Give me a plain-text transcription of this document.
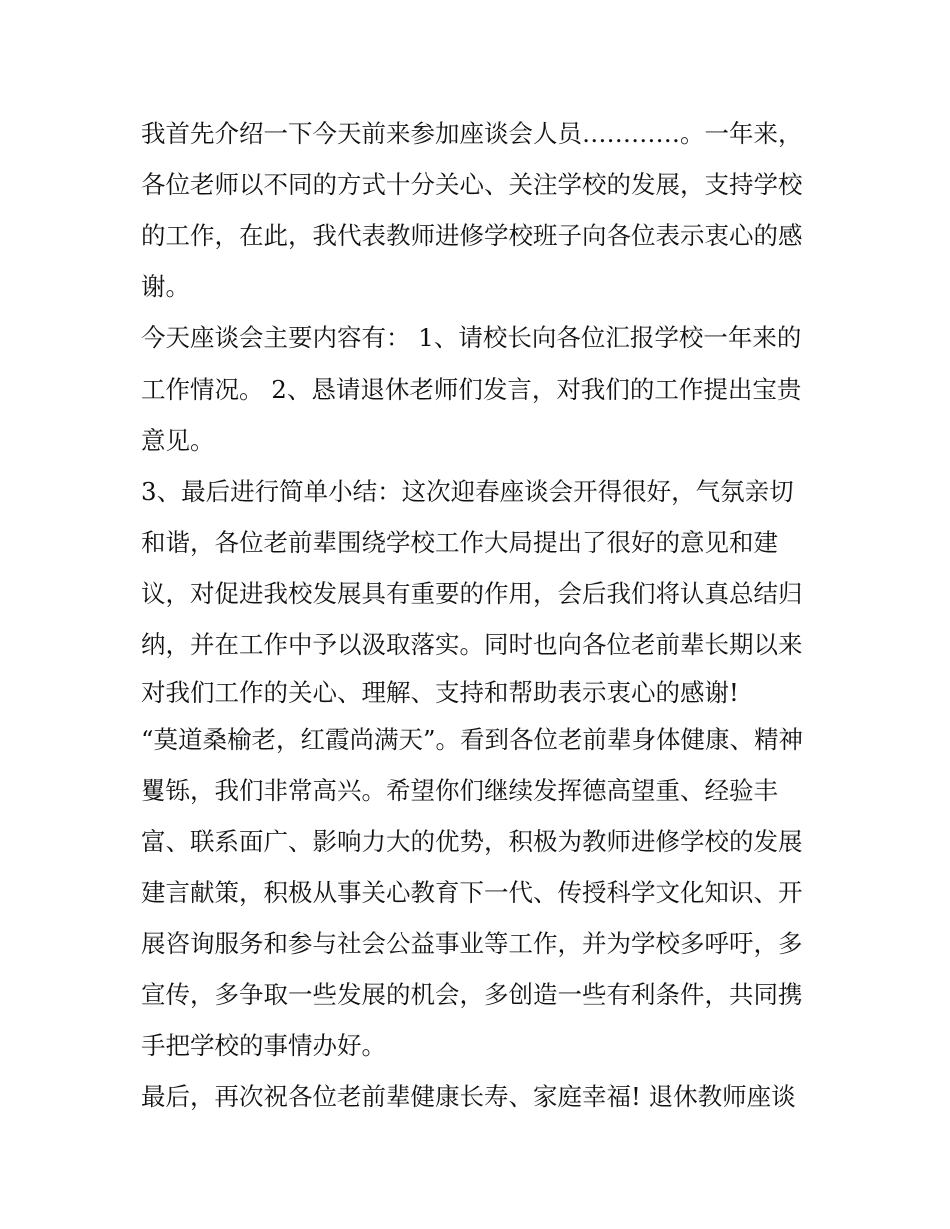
我首先介绍一下今天前来参加座谈会人员…………。一年来，
各位老师以不同的方式十分关心、关注学校的发展，支持学校
的工作，在此，我代表教师进修学校班子向各位表示衷心的感
谢。
今天座谈会主要内容有： 1、请校长向各位汇报学校一年来的
工作情况。 2、恳请退休老师们发言，对我们的工作提出宝贵
意见。
3、最后进行简单小结：这次迎春座谈会开得很好，气氛亲切
和谐，各位老前辈围绕学校工作大局提出了很好的意见和建
议，对促进我校发展具有重要的作用，会后我们将认真总结归
纳，并在工作中予以汲取落实。同时也向各位老前辈长期以来
对我们工作的关心、理解、支持和帮助表示衷心的感谢!
“莫道桑榆老，红霞尚满天”。看到各位老前辈身体健康、精神
矍铄，我们非常高兴。希望你们继续发挥德高望重、经验丰
富、联系面广、影响力大的优势，积极为教师进修学校的发展
建言献策，积极从事关心教育下一代、传授科学文化知识、开
展咨询服务和参与社会公益事业等工作，并为学校多呼吁，多
宣传，多争取一些发展的机会，多创造一些有利条件，共同携
手把学校的事情办好。
最后，再次祝各位老前辈健康长寿、家庭幸福! 退休教师座谈
